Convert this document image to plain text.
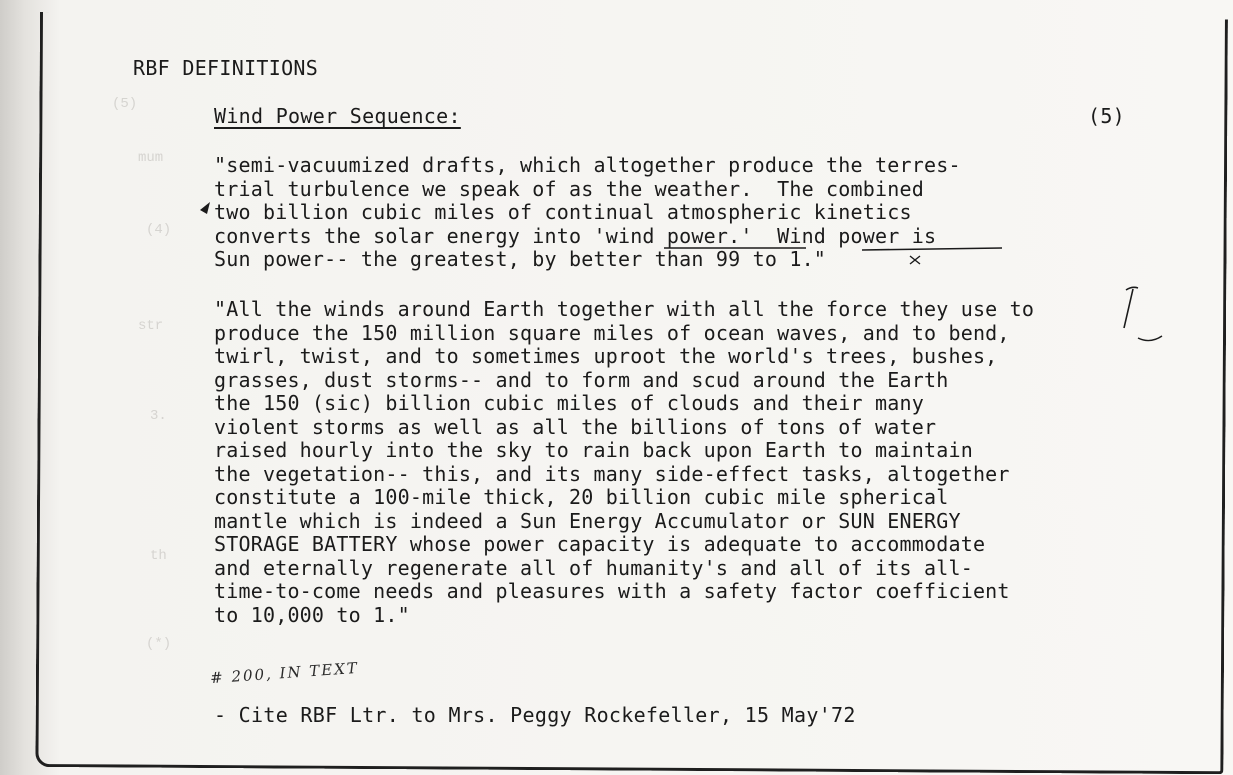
(5)
mum
(4)
str
3.
th
(*)
RBF DEFINITIONS
Wind Power Sequence:	(5)
"semi-vacuumized drafts, which altogether produce the terres-
trial turbulence we speak of as the weather.  The combined
two billion cubic miles of continual atmospheric kinetics
converts the solar energy into 'wind power.'  Wind power is
Sun power-- the greatest, by better than 99 to 1."
"All the winds around Earth together with all the force they use to
produce the 150 million square miles of ocean waves, and to bend,
twirl, twist, and to sometimes uproot the world's trees, bushes,
grasses, dust storms-- and to form and scud around the Earth
the 150 (sic) billion cubic miles of clouds and their many
violent storms as well as all the billions of tons of water
raised hourly into the sky to rain back upon Earth to maintain
the vegetation-- this, and its many side-effect tasks, altogether
constitute a 100-mile thick, 20 billion cubic mile spherical
mantle which is indeed a Sun Energy Accumulator or SUN ENERGY
STORAGE BATTERY whose power capacity is adequate to accommodate
and eternally regenerate all of humanity's and all of its all-
time-to-come needs and pleasures with a safety factor coefficient
to 10,000 to 1."
# 200, IN TEXT
- Cite RBF Ltr. to Mrs. Peggy Rockefeller, 15 May'72
